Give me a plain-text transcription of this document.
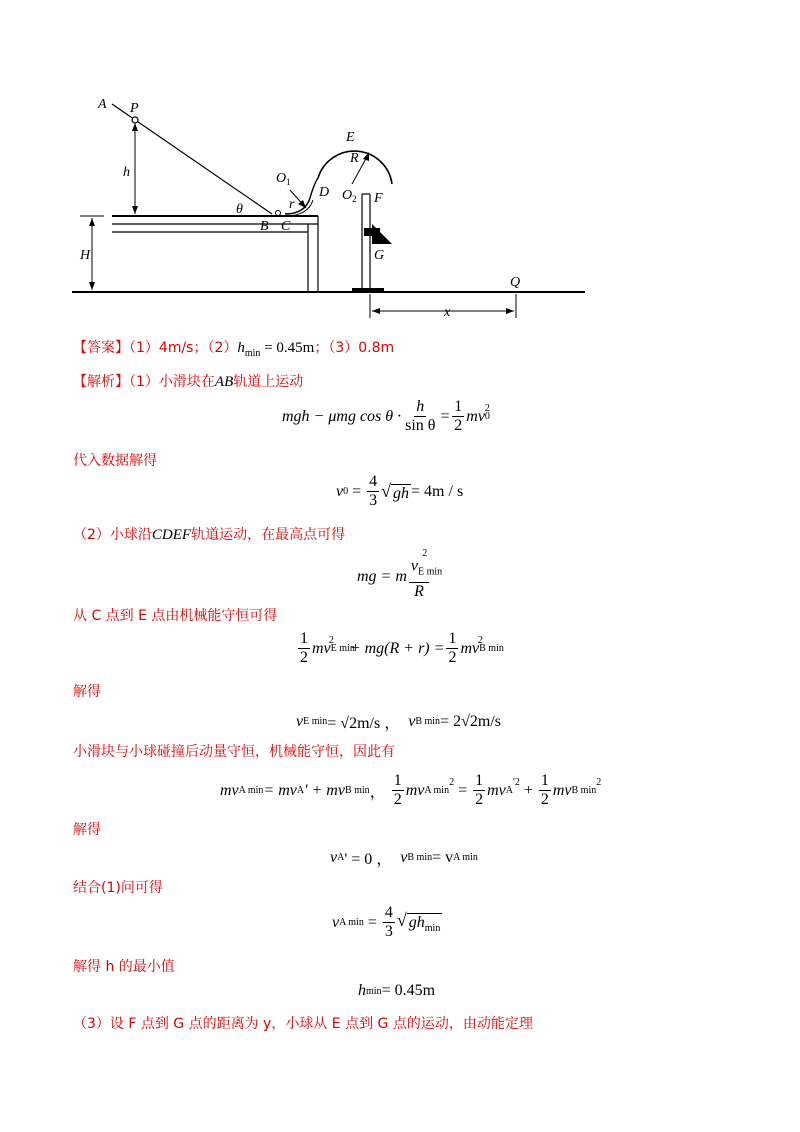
A P
h
θ
B C
$O_1$
r
D
E
R
$O_2$ F
G
H
Q
x
【答案】（1）4m/s；$(2)h_{min} = 0.45m$；（3）0.8m
【解析】（1）小滑块在AB轨道上运动
mgh − μmg $\cos \theta \cdot \frac{h}{\text{sin θ}} = \frac{1}{2}$ mv 0
$^2$
代入数据解得
v $0 = \frac{4}{3}$ √ gh = 4m / s
（2）小球沿CDEF轨道运动，在最高点可得
mg = m $\frac{v_{E min}^2}{R}$
从 C 点到 E 点由机械能守恒可得
$\frac{1}{2}$ mv E min
$^2 + mg(R + r) = \frac{1}{2}$ mv B min
$^2$
解得
v E min = √2m/s ， v B min = 2√2m/s
小滑块与小球碰撞后动量守恒，机械能守恒，因此有
mv A min = mv A ' + mv B min ， $\frac{1}{2}$ mv A min
$^2 = \frac{1}{2}$ mv A
$^{'2} + \frac{1}{2}$ mv B min
$^2$
解得
v A ' = 0 ， v B min = v A min
结合(1)问可得
v A $\min = \frac{4}{3}$ √ $gh_{min}$
解得 h 的最小值
h min = 0.45m
（3）设 F 点到 G 点的距离为 y，小球从 E 点到 G 点的运动，由动能定理
